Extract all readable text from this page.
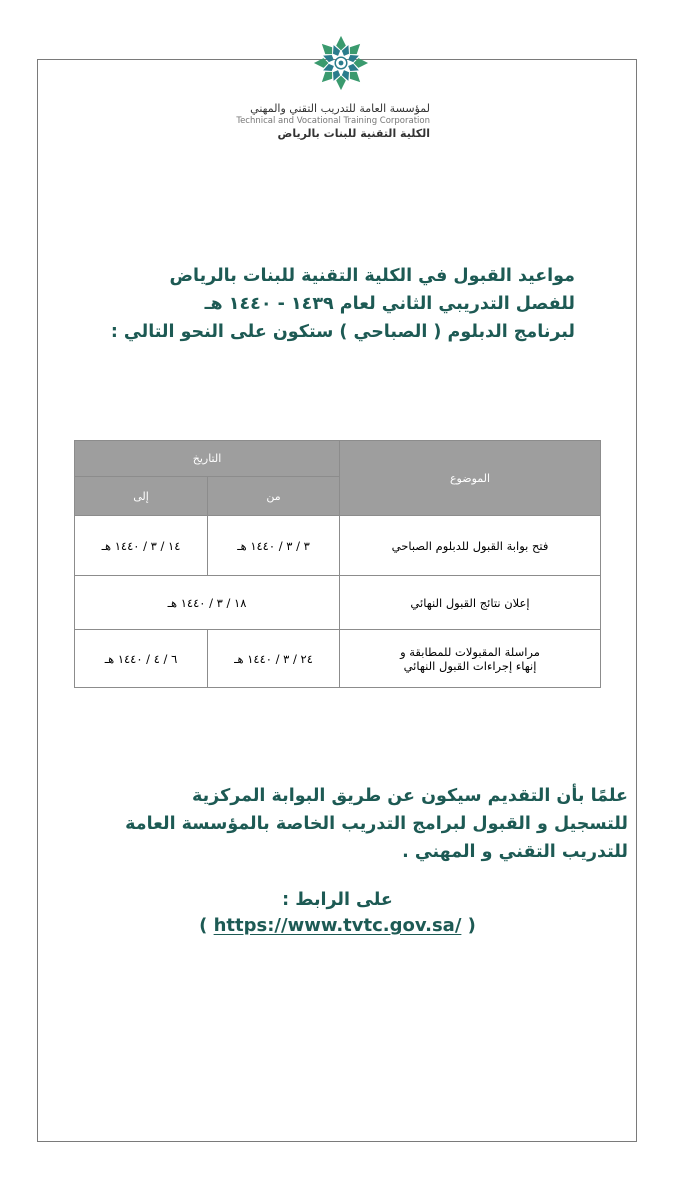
لمؤسسة العامة للتدريب التقني والمهني
Technical and Vocational Training Corporation
الكلية التقنية للبنات بالرياض
مواعيد القبول في الكلية التقنية للبنات بالرياض
للفصل التدريبي الثاني لعام ١٤٣٩ - ١٤٤٠ هـ
لبرنامج الدبلوم ( الصباحي ) ستكون على النحو التالي :
الموضوع	التاريخ	
	من	إلى
فتح بوابة القبول للدبلوم الصباحي	٣ / ٣ / ١٤٤٠ هـ	١٤ / ٣ / ١٤٤٠ هـ
إعلان نتائج القبول النهائي	١٨ / ٣ / ١٤٤٠ هـ	

مراسلة المقبولات للمطابقة و
إنهاء إجراءات القبول النهائي	٢٤ / ٣ / ١٤٤٠ هـ	٦ / ٤ / ١٤٤٠ هـ
علمًا بأن التقديم سيكون عن طريق البوابة المركزية
للتسجيل و القبول لبرامج التدريب الخاصة بالمؤسسة العامة
للتدريب التقني و المهني .
على الرابط :
( https://www.tvtc.gov.sa/ )
